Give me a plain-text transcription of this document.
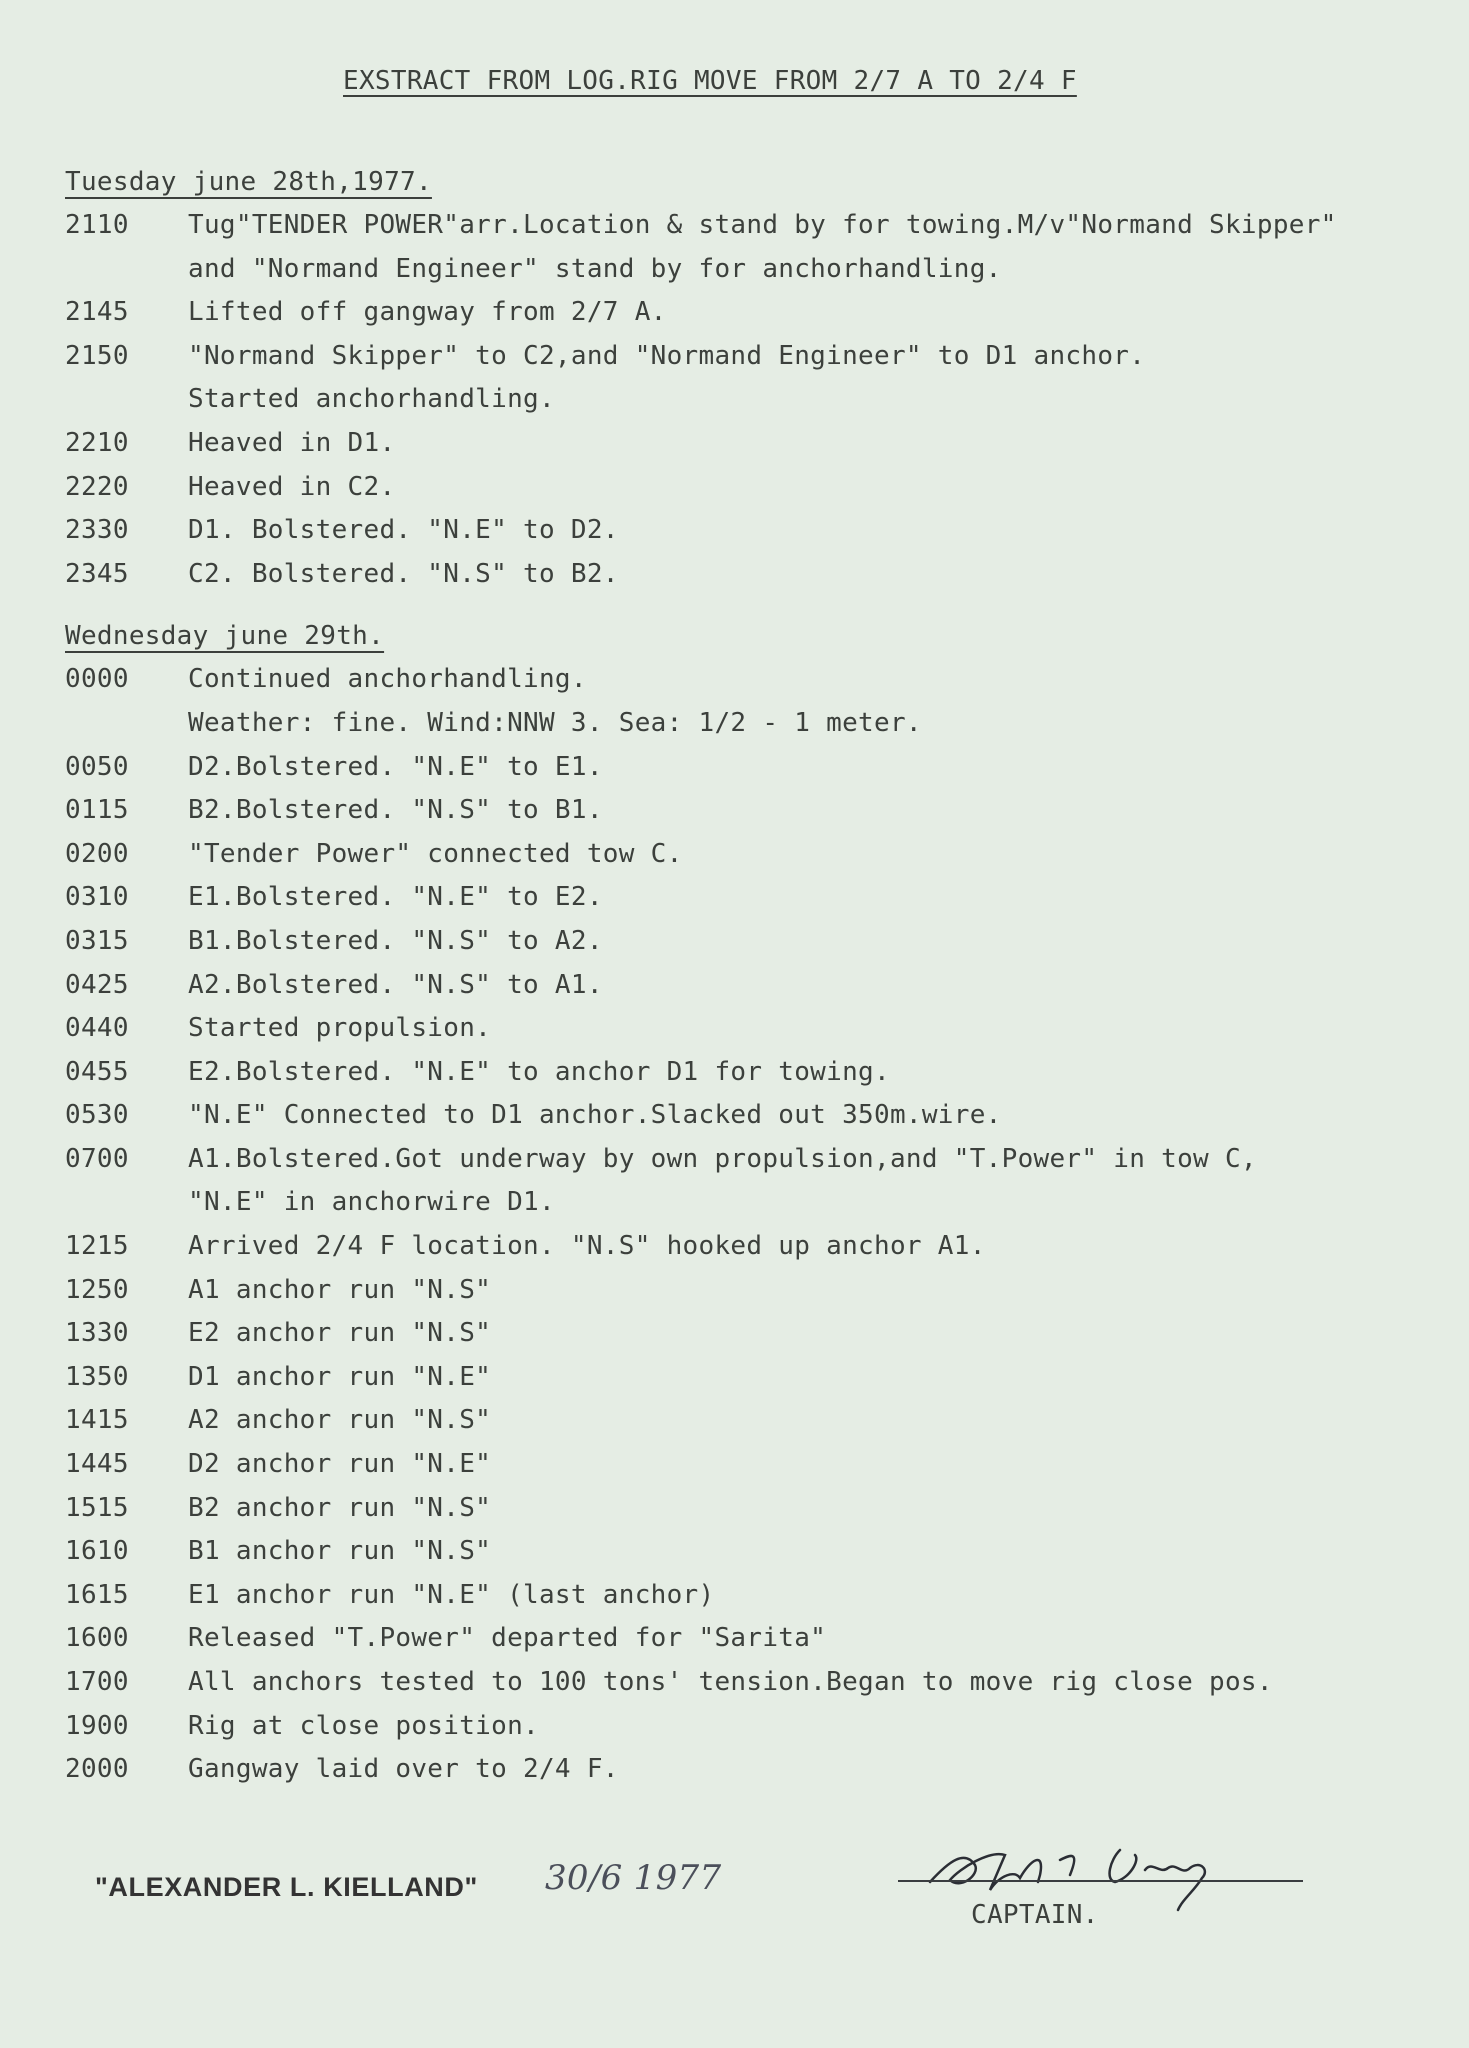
EXSTRACT FROM LOG.RIG MOVE FROM 2/7 A TO 2/4 F
Tuesday june 28th,1977.
2110	Tug"TENDER POWER"arr.Location & stand by for towing.M/v"Normand Skipper"
and "Normand Engineer" stand by for anchorhandling.
2145	Lifted off gangway from 2/7 A.
2150	"Normand Skipper" to C2,and "Normand Engineer" to D1 anchor.
Started anchorhandling.
2210	Heaved in D1.
2220	Heaved in C2.
2330	D1. Bolstered. "N.E" to D2.
2345	C2. Bolstered. "N.S" to B2.
Wednesday june 29th.
0000	Continued anchorhandling.
Weather: fine. Wind:NNW 3. Sea: 1/2 - 1 meter.
0050	D2.Bolstered. "N.E" to E1.
0115	B2.Bolstered. "N.S" to B1.
0200	"Tender Power" connected tow C.
0310	E1.Bolstered. "N.E" to E2.
0315	B1.Bolstered. "N.S" to A2.
0425	A2.Bolstered. "N.S" to A1.
0440	Started propulsion.
0455	E2.Bolstered. "N.E" to anchor D1 for towing.
0530	"N.E" Connected to D1 anchor.Slacked out 350m.wire.
0700	A1.Bolstered.Got underway by own propulsion,and "T.Power" in tow C,
"N.E" in anchorwire D1.
1215	Arrived 2/4 F location. "N.S" hooked up anchor A1.
1250	A1 anchor run "N.S"
1330	E2 anchor run "N.S"
1350	D1 anchor run "N.E"
1415	A2 anchor run "N.S"
1445	D2 anchor run "N.E"
1515	B2 anchor run "N.S"
1610	B1 anchor run "N.S"
1615	E1 anchor run "N.E" (last anchor)
1600	Released "T.Power" departed for "Sarita"
1700	All anchors tested to 100 tons' tension.Began to move rig close pos.
1900	Rig at close position.
2000	Gangway laid over to 2/4 F.
"ALEXANDER L. KIELLAND" 30/6 1977
CAPTAIN.
